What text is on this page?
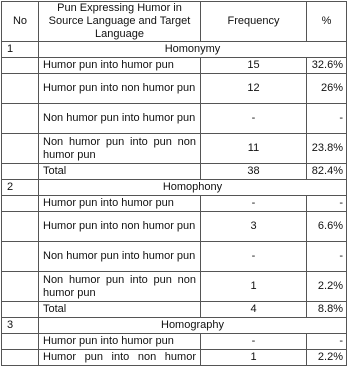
No	Pun Expressing Humor in Source Language and Target Language	Frequency	%
1	Homonymy		
	Humor pun into humor pun	15	32.6%
	Humor pun into non humor pun	12	26%
	Non humor pun into humor pun	-	-
	Non humor pun into pun non humor pun	11	23.8%
	Total	38	82.4%
2	Homophony		
	Humor pun into humor pun	-	-
	Humor pun into non humor pun	3	6.6%
	Non humor pun into humor pun	-	-
	Non humor pun into pun non humor pun	1	2.2%
	Total	4	8.8%
3	Homography		
	Humor pun into humor pun	-	-
	Humor pun into non humor	1	2.2%
